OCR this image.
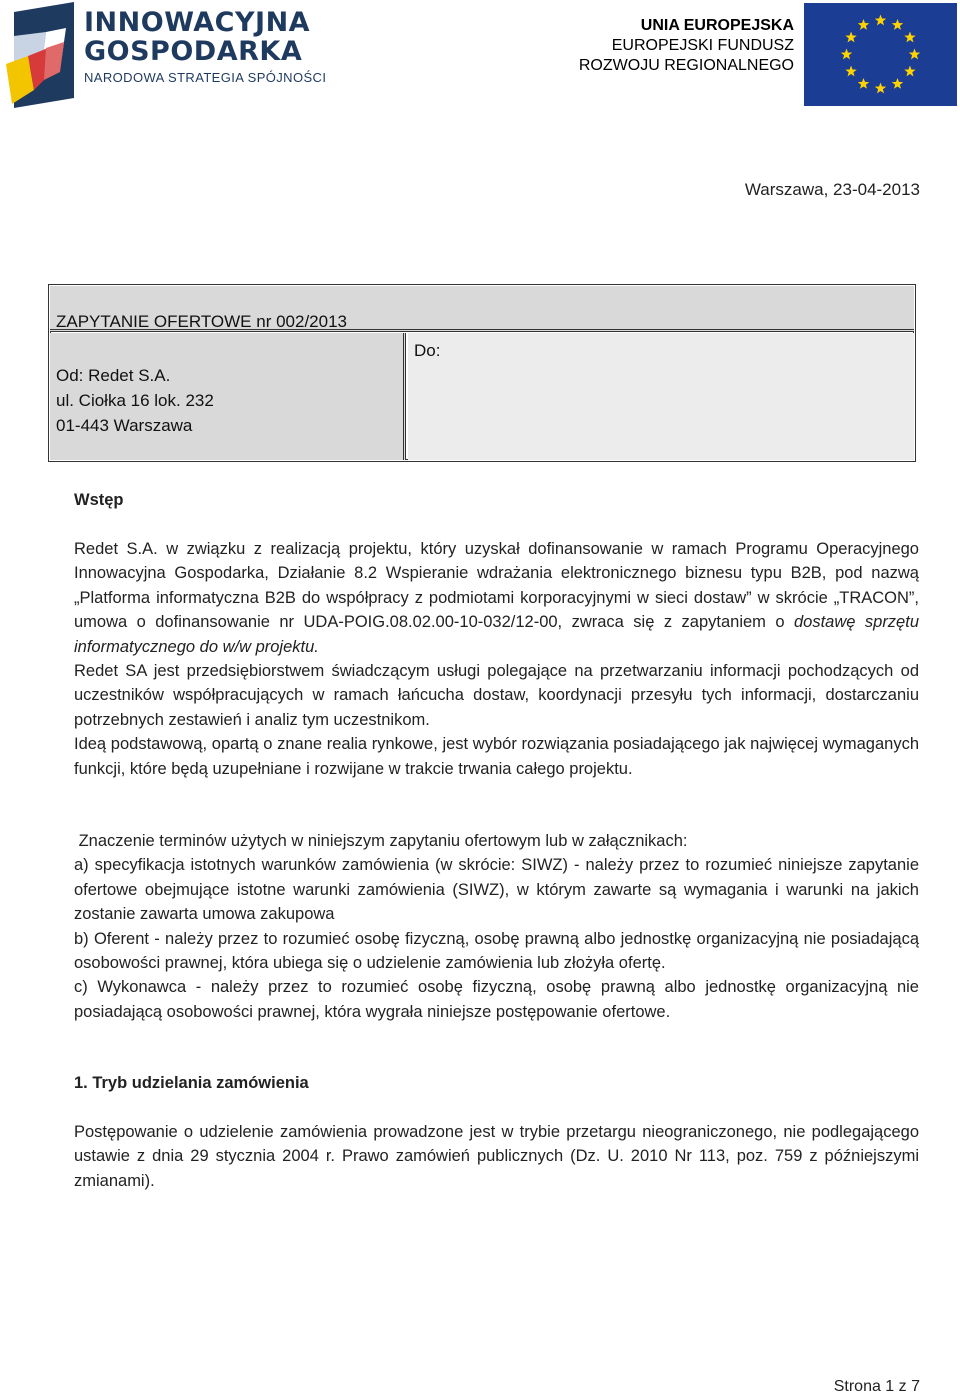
INNOWACYJNA
GOSPODARKA
NARODOWA STRATEGIA SPÓJNOŚCI
UNIA EUROPEJSKA
EUROPEJSKI FUNDUSZ
ROZWOJU REGIONALNEGO
Warszawa, 23-04-2013
ZAPYTANIE OFERTOWE nr 002/2013
Od: Redet S.A.
ul. Ciołka 16 lok. 232
01-443 Warszawa
Do:
Wstęp

Redet S.A. w związku z realizacją projektu, który uzyskał dofinansowanie w ramach Programu Operacyjnego Innowacyjna Gospodarka, Działanie 8.2 Wspieranie wdrażania elektronicznego biznesu typu B2B, pod nazwą „Platforma informatyczna B2B do współpracy z podmiotami korporacyjnymi w sieci dostaw” w skrócie „TRACON”, umowa o dofinansowanie nr UDA-POIG.08.02.00-10-032/12-00, zwraca się z zapytaniem o dostawę sprzętu informatycznego do w/w projektu.

Redet SA jest przedsiębiorstwem świadczącym usługi polegające na przetwarzaniu informacji pochodzących od uczestników współpracujących w ramach łańcucha dostaw, koordynacji przesyłu tych informacji, dostarczaniu potrzebnych zestawień i analiz tym uczestnikom.

Ideą podstawową, opartą o znane realia rynkowe, jest wybór rozwiązania posiadającego jak najwięcej wymaganych funkcji, które będą uzupełniane i rozwijane w trakcie trwania całego projektu.

Znaczenie terminów użytych w niniejszym zapytaniu ofertowym lub w załącznikach:

a) specyfikacja istotnych warunków zamówienia (w skrócie: SIWZ) - należy przez to rozumieć niniejsze zapytanie ofertowe obejmujące istotne warunki zamówienia (SIWZ), w którym zawarte są wymagania i warunki na jakich zostanie zawarta umowa zakupowa

b) Oferent - należy przez to rozumieć osobę fizyczną, osobę prawną albo jednostkę organizacyjną nie posiadającą osobowości prawnej, która ubiega się o udzielenie zamówienia lub złożyła ofertę.

c) Wykonawca - należy przez to rozumieć osobę fizyczną, osobę prawną albo jednostkę organizacyjną nie posiadającą osobowości prawnej, która wygrała niniejsze postępowanie ofertowe.

1. Tryb udzielania zamówienia
Postępowanie o udzielenie zamówienia prowadzone jest w trybie przetargu nieograniczonego, nie podlegającego ustawie z dnia 29 stycznia 2004 r. Prawo zamówień publicznych (Dz. U. 2010 Nr 113, poz. 759 z późniejszymi zmianami).
Strona 1 z 7
